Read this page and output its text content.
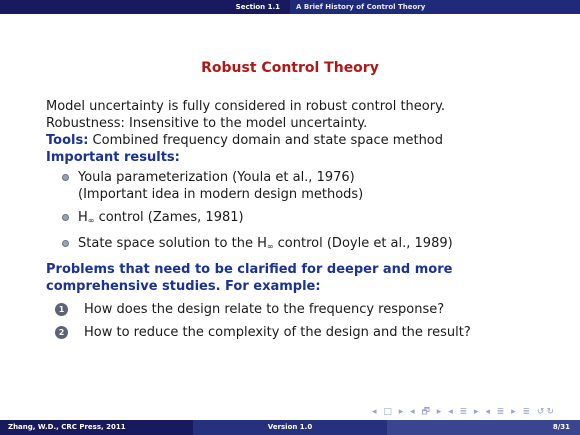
Section 1.1	A Brief History of Control Theory
Robust Control Theory
Model uncertainty is fully considered in robust control theory.
Robustness: Insensitive to the model uncertainty.
Tools: Combined frequency domain and state space method
Important results:
Youla parameterization (Youla et al., 1976)
(Important idea in modern design methods)
$H_\infty$ control (Zames, 1981)
State space solution to the $H_\infty$ control (Doyle et al., 1989)
Problems that need to be clarified for deeper and more comprehensive studies. For example:
1 How does the design relate to the frequency response?
2 How to reduce the complexity of the design and the result?
◂ □ ▸ ◂ 🗗 ▸ ◂ ≣ ▸ ◂ ≣ ▸ ≣ ↺↻
Zhang, W.D., CRC Press, 2011	Version 1.0	8/31
